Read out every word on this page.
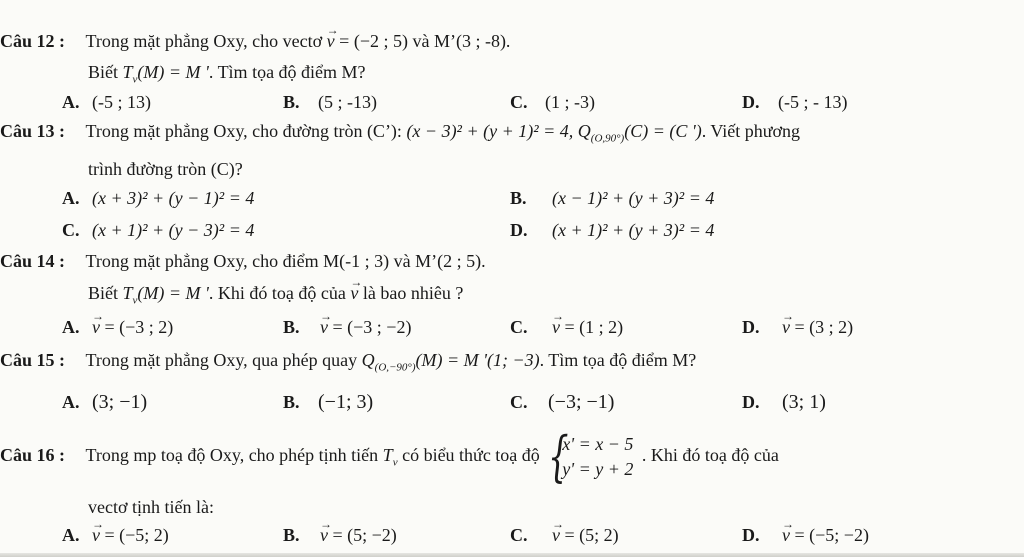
Câu 12 : Trong mặt phẳng Oxy, cho vectơ → v = (−2 ; 5) và M’(3 ; -8).
Biết $T_v(M) = M$ '. Tìm tọa độ điểm M?
A. (-5 ; 13)	B. (5 ; -13)	C. (1 ; -3)	D. (-5 ; - 13)
Câu 13 : Trong mặt phẳng Oxy, cho đường tròn (C’): (x − 3)² + (y + 1)² = 4, $Q_{(O,90^\circ)}(C) = (C$ '). Viết phương
trình đường tròn (C)?
A. (x + 3)² + (y − 1)² = 4	B. (x − 1)² + (y + 3)² = 4
C. (x + 1)² + (y − 3)² = 4	D. (x + 1)² + (y + 3)² = 4
Câu 14 : Trong mặt phẳng Oxy, cho điểm M(-1 ; 3) và M’(2 ; 5).
Biết $T_v(M) = M$ '. Khi đó toạ độ của → v là bao nhiêu ?
A. → v = (−3 ; 2)	B. → v = (−3 ; −2)	C. → v = (1 ; 2)	D. → v = (3 ; 2)
Câu 15 : Trong mặt phẳng Oxy, qua phép quay $Q_{(O,-90^\circ)}(M) = M$ '(1; −3). Tìm tọa độ điểm M?
A. (3; −1)	B. (−1; 3)	C. (−3; −1)	D. (3; 1)
Câu 16 : Trong mp toạ độ Oxy, cho phép tịnh tiến $T_v$ có biểu thức toạ độ {
x' = x − 5
y' = y + 2
. Khi đó toạ độ của
vectơ tịnh tiến là:
A. → v = (−5; 2)	B. → v = (5; −2)	C. → v = (5; 2)	D. → v = (−5; −2)
